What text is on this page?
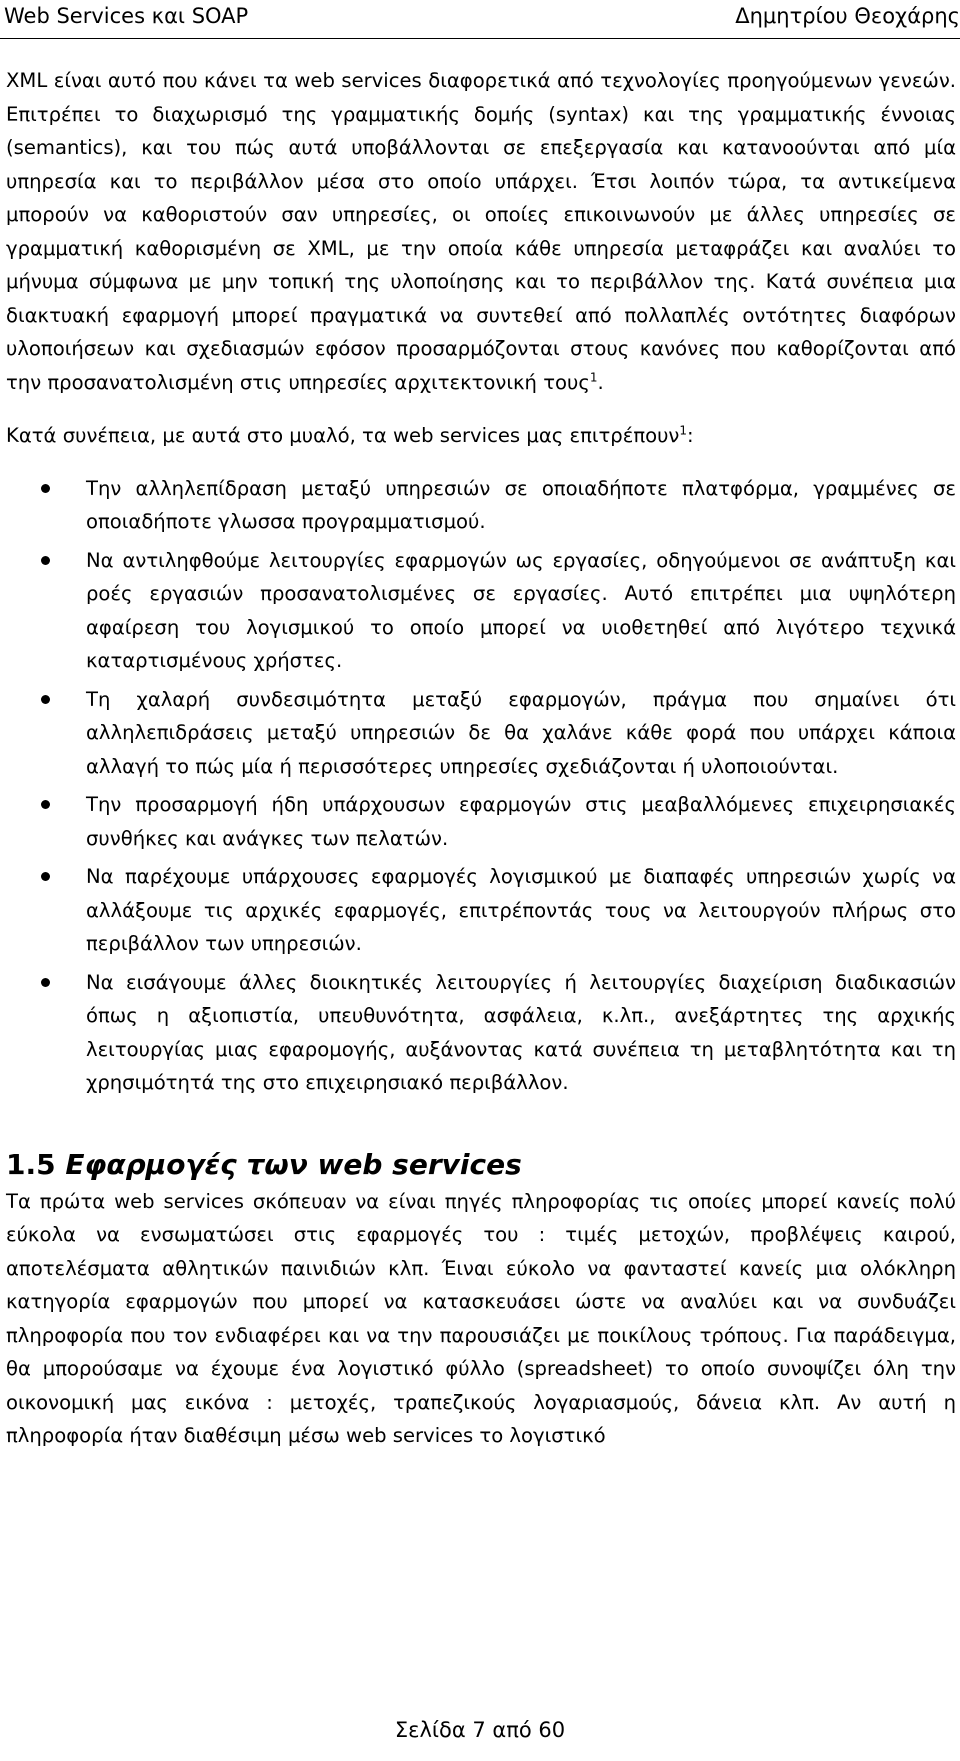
Web Services και SOAP	Δημητρίου Θεοχάρης

XML είναι αυτό που κάνει τα web services διαφορετικά από τεχνολογίες προηγούμενων γενεών. Επιτρέπει το διαχωρισμό της γραμματικής δομής (syntax) και της γραμματικής έννοιας (semantics), και του πώς αυτά υποβάλλονται σε επεξεργασία και κατανοούνται από μία υπηρεσία και το περιβάλλον μέσα στο οποίο υπάρχει. Έτσι λοιπόν τώρα, τα αντικείμενα μπορούν να καθοριστούν σαν υπηρεσίες, οι οποίες επικοινωνούν με άλλες υπηρεσίες σε γραμματική καθορισμένη σε XML, με την οποία κάθε υπηρεσία μεταφράζει και αναλύει το μήνυμα σύμφωνα με μην τοπική της υλοποίησης και το περιβάλλον της. Κατά συνέπεια μια διακτυακή εφαρμογή μπορεί πραγματικά να συντεθεί από πολλαπλές οντότητες διαφόρων υλοποιήσεων και σχεδιασμών εφόσον προσαρμόζονται στους κανόνες που καθορίζονται από την προσανατολισμένη στις υπηρεσίες αρχιτεκτονική τους$^1$.

Κατά συνέπεια, με αυτά στο μυαλό, τα web services μας επιτρέπουν$^1$:

Την αλληλεπίδραση μεταξύ υπηρεσιών σε οποιαδήποτε πλατφόρμα, γραμμένες σε οποιαδήποτε γλωσσα προγραμματισμού.
Να αντιληφθούμε λειτουργίες εφαρμογών ως εργασίες, οδηγούμενοι σε ανάπτυξη και ροές εργασιών προσανατολισμένες σε εργασίες. Αυτό επιτρέπει μια υψηλότερη αφαίρεση του λογισμικού το οποίο μπορεί να υιοθετηθεί από λιγότερο τεχνικά καταρτισμένους χρήστες.
Τη χαλαρή συνδεσιμότητα μεταξύ εφαρμογών, πράγμα που σημαίνει ότι αλληλεπιδράσεις μεταξύ υπηρεσιών δε θα χαλάνε κάθε φορά που υπάρχει κάποια αλλαγή το πώς μία ή περισσότερες υπηρεσίες σχεδιάζονται ή υλοποιούνται.
Την προσαρμογή ήδη υπάρχουσων εφαρμογών στις μεαβαλλόμενες επιχειρησιακές συνθήκες και ανάγκες των πελατών.
Να παρέχουμε υπάρχουσες εφαρμογές λογισμικού με διαπαφές υπηρεσιών χωρίς να αλλάξουμε τις αρχικές εφαρμογές, επιτρέποντάς τους να λειτουργούν πλήρως στο περιβάλλον των υπηρεσιών.
Να εισάγουμε άλλες διοικητικές λειτουργίες ή λειτουργίες διαχείριση διαδικασιών όπως η αξιοπιστία, υπευθυνότητα, ασφάλεια, κ.λπ., ανεξάρτητες της αρχικής λειτουργίας μιας εφαρομογής, αυξάνοντας κατά συνέπεια τη μεταβλητότητα και τη χρησιμότητά της στο επιχειρησιακό περιβάλλον.
1.5 Εφαρμογές των web services

Τα πρώτα web services σκόπευαν να είναι πηγές πληροφορίας τις οποίες μπορεί κανείς πολύ εύκολα να ενσωματώσει στις εφαρμογές του : τιμές μετοχών, προβλέψεις καιρού, αποτελέσματα αθλητικών παινιδιών κλπ. Έιναι εύκολο να φανταστεί κανείς μια ολόκληρη κατηγορία εφαρμογών που μπορεί να κατασκευάσει ώστε να αναλύει και να συνδυάζει πληροφορία που τον ενδιαφέρει και να την παρουσιάζει με ποικίλους τρόπους. Για παράδειγμα, θα μπορούσαμε να έχουμε ένα λογιστικό φύλλο (spreadsheet) το οποίο συνοψίζει όλη την οικονομική μας εικόνα : μετοχές, τραπεζικούς λογαριασμούς, δάνεια κλπ. Αν αυτή η πληροφορία ήταν διαθέσιμη μέσω web services το λογιστικό

Σελίδα 7 από 60
